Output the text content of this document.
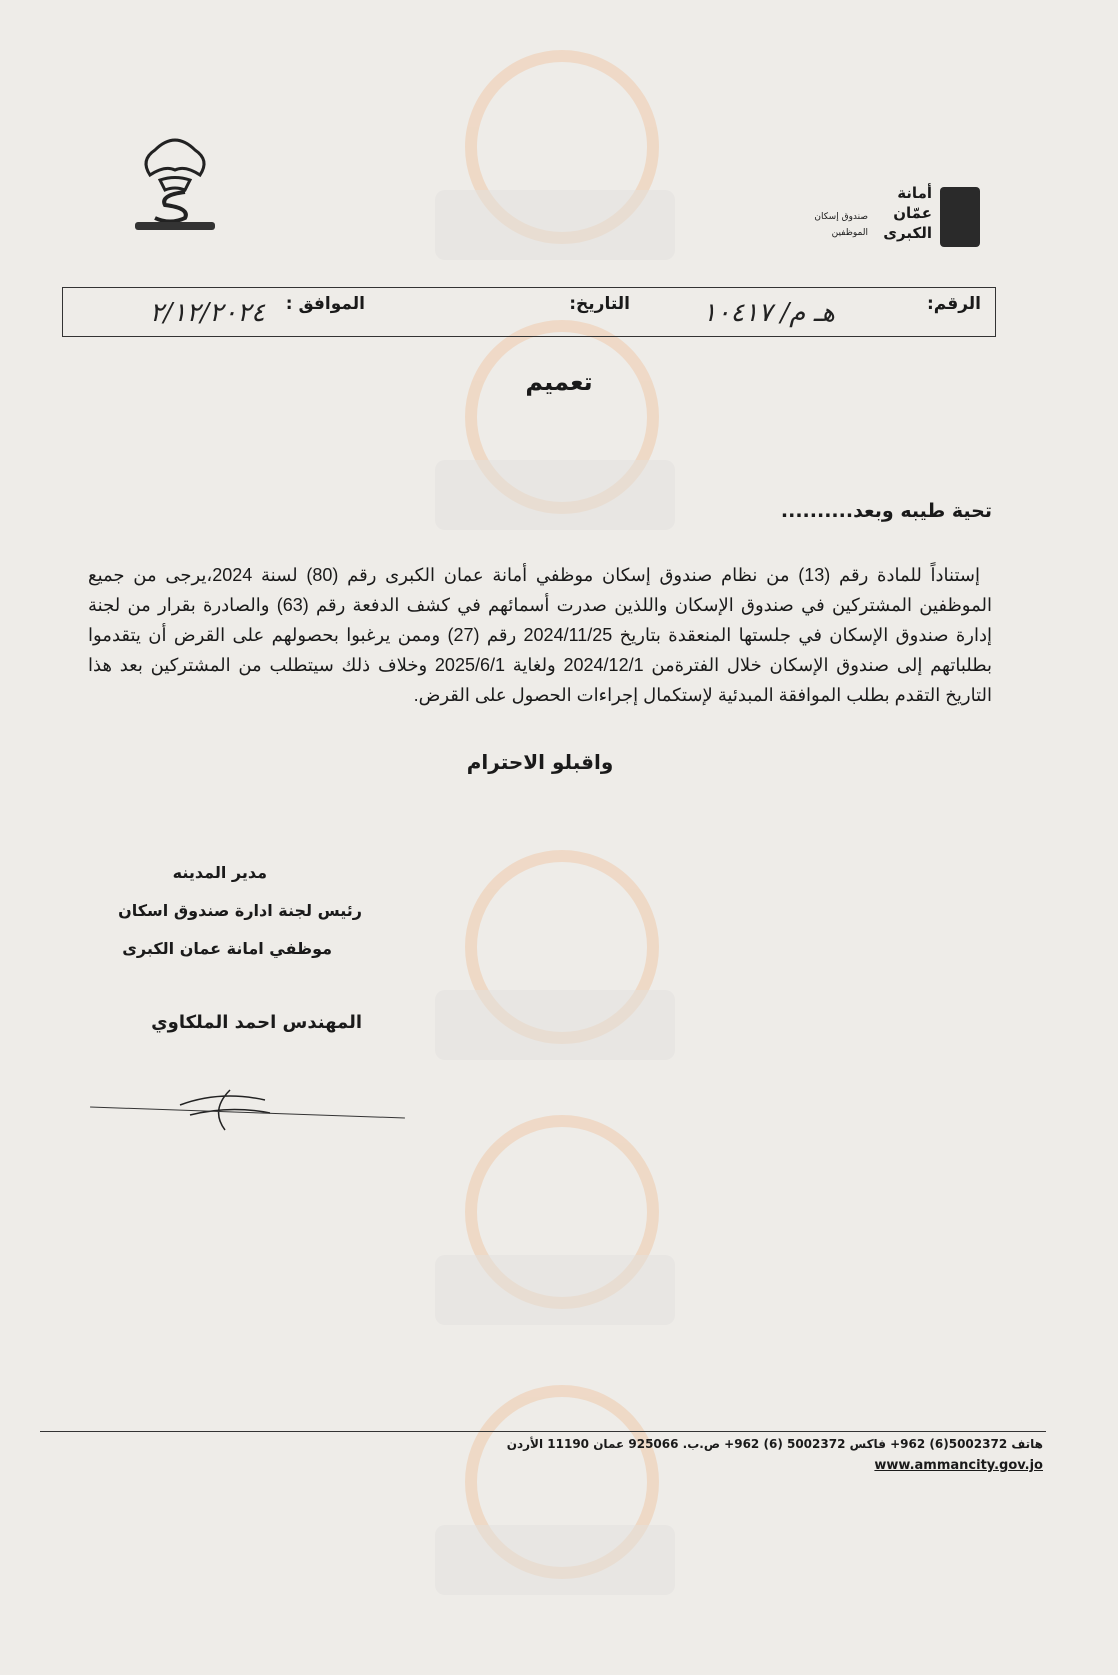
أمانة
عمّان
الكبرى
صندوق إسكان
الموظفين
الرقم:
هـ م/ ١٠٤١٧
التاريخ:
الموافق :
٢/١٢/٢٠٢٤
تعميم
تحية طيبه وبعد..........

إستناداً للمادة رقم (13) من نظام صندوق إسكان موظفي أمانة عمان الكبرى رقم (80) لسنة 2024،يرجى من جميع الموظفين المشتركين في صندوق الإسكان واللذين صدرت أسمائهم في كشف الدفعة رقم (63) والصادرة بقرار من لجنة إدارة صندوق الإسكان في جلستها المنعقدة بتاريخ 2024/11/25 رقم (27) وممن يرغبوا بحصولهم على القرض أن يتقدموا بطلباتهم إلى صندوق الإسكان خلال الفترةمن 2024/12/1 ولغاية 2025/6/1 وخلاف ذلك سيتطلب من المشتركين بعد هذا التاريخ التقدم بطلب الموافقة المبدئية لإستكمال إجراءات الحصول على القرض.

واقبلو الاحترام
مدير المدينه
رئيس لجنة ادارة صندوق اسكان
موظفي امانة عمان الكبرى
المهندس احمد الملكاوي
هاتف 5002372(6) 962+ فاكس 5002372 (6) 962+ ص.ب. 925066 عمان 11190 الأردن
www.ammancity.gov.jo
